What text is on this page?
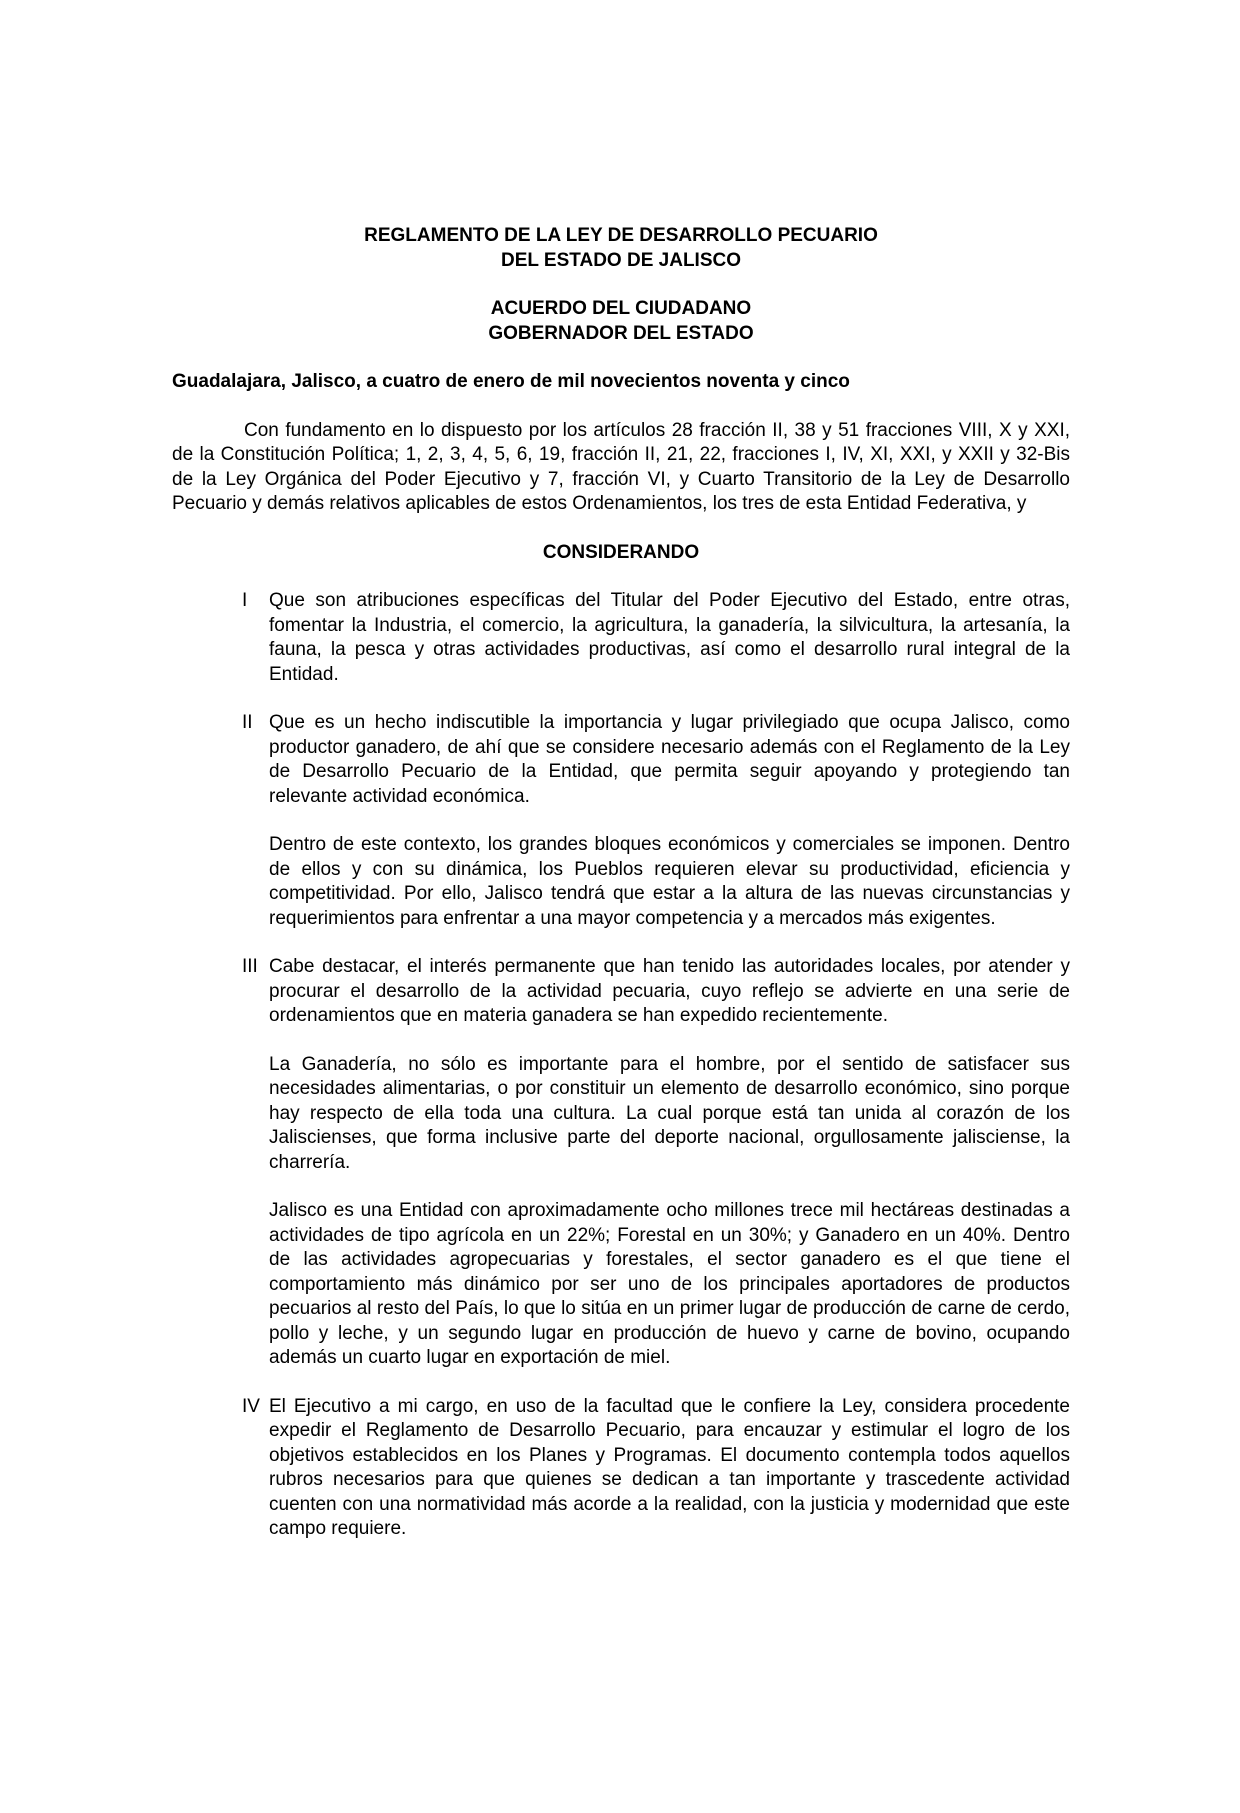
REGLAMENTO DE LA LEY DE DESARROLLO PECUARIO

DEL ESTADO DE JALISCO

ACUERDO DEL CIUDADANO

GOBERNADOR DEL ESTADO

Guadalajara, Jalisco, a cuatro de enero de mil novecientos noventa y cinco

Con fundamento en lo dispuesto por los artículos 28 fracción II, 38 y 51 fracciones VIII, X y XXI, de la Constitución Política; 1, 2, 3, 4, 5, 6, 19, fracción II, 21, 22, fracciones I, IV, XI, XXI, y XXII y 32-Bis de la Ley Orgánica del Poder Ejecutivo y 7, fracción VI, y Cuarto Transitorio de la Ley de Desarrollo Pecuario y demás relativos aplicables de estos Ordenamientos, los tres de esta Entidad Federativa, y

CONSIDERANDO

I Que son atribuciones específicas del Titular del Poder Ejecutivo del Estado, entre otras, fomentar la Industria, el comercio, la agricultura, la ganadería, la silvicultura, la artesanía, la fauna, la pesca y otras actividades productivas, así como el desarrollo rural integral de la Entidad.

II Que es un hecho indiscutible la importancia y lugar privilegiado que ocupa Jalisco, como productor ganadero, de ahí que se considere necesario además con el Reglamento de la Ley de Desarrollo Pecuario de la Entidad, que permita seguir apoyando y protegiendo tan relevante actividad económica.

Dentro de este contexto, los grandes bloques económicos y comerciales se imponen. Dentro de ellos y con su dinámica, los Pueblos requieren elevar su productividad, eficiencia y competitividad. Por ello, Jalisco tendrá que estar a la altura de las nuevas circunstancias y requerimientos para enfrentar a una mayor competencia y a mercados más exigentes.

III Cabe destacar, el interés permanente que han tenido las autoridades locales, por atender y procurar el desarrollo de la actividad pecuaria, cuyo reflejo se advierte en una serie de ordenamientos que en materia ganadera se han expedido recientemente.

La Ganadería, no sólo es importante para el hombre, por el sentido de satisfacer sus necesidades alimentarias, o por constituir un elemento de desarrollo económico, sino porque hay respecto de ella toda una cultura. La cual porque está tan unida al corazón de los Jaliscienses, que forma inclusive parte del deporte nacional, orgullosamente jalisciense, la charrería.

Jalisco es una Entidad con aproximadamente ocho millones trece mil hectáreas destinadas a actividades de tipo agrícola en un 22%; Forestal en un 30%; y Ganadero en un 40%. Dentro de las actividades agropecuarias y forestales, el sector ganadero es el que tiene el comportamiento más dinámico por ser uno de los principales aportadores de productos pecuarios al resto del País, lo que lo sitúa en un primer lugar de producción de carne de cerdo, pollo y leche, y un segundo lugar en producción de huevo y carne de bovino, ocupando además un cuarto lugar en exportación de miel.

IV El Ejecutivo a mi cargo, en uso de la facultad que le confiere la Ley, considera procedente expedir el Reglamento de Desarrollo Pecuario, para encauzar y estimular el logro de los objetivos establecidos en los Planes y Programas. El documento contempla todos aquellos rubros necesarios para que quienes se dedican a tan importante y trascedente actividad cuenten con una normatividad más acorde a la realidad, con la justicia y modernidad que este campo requiere.
